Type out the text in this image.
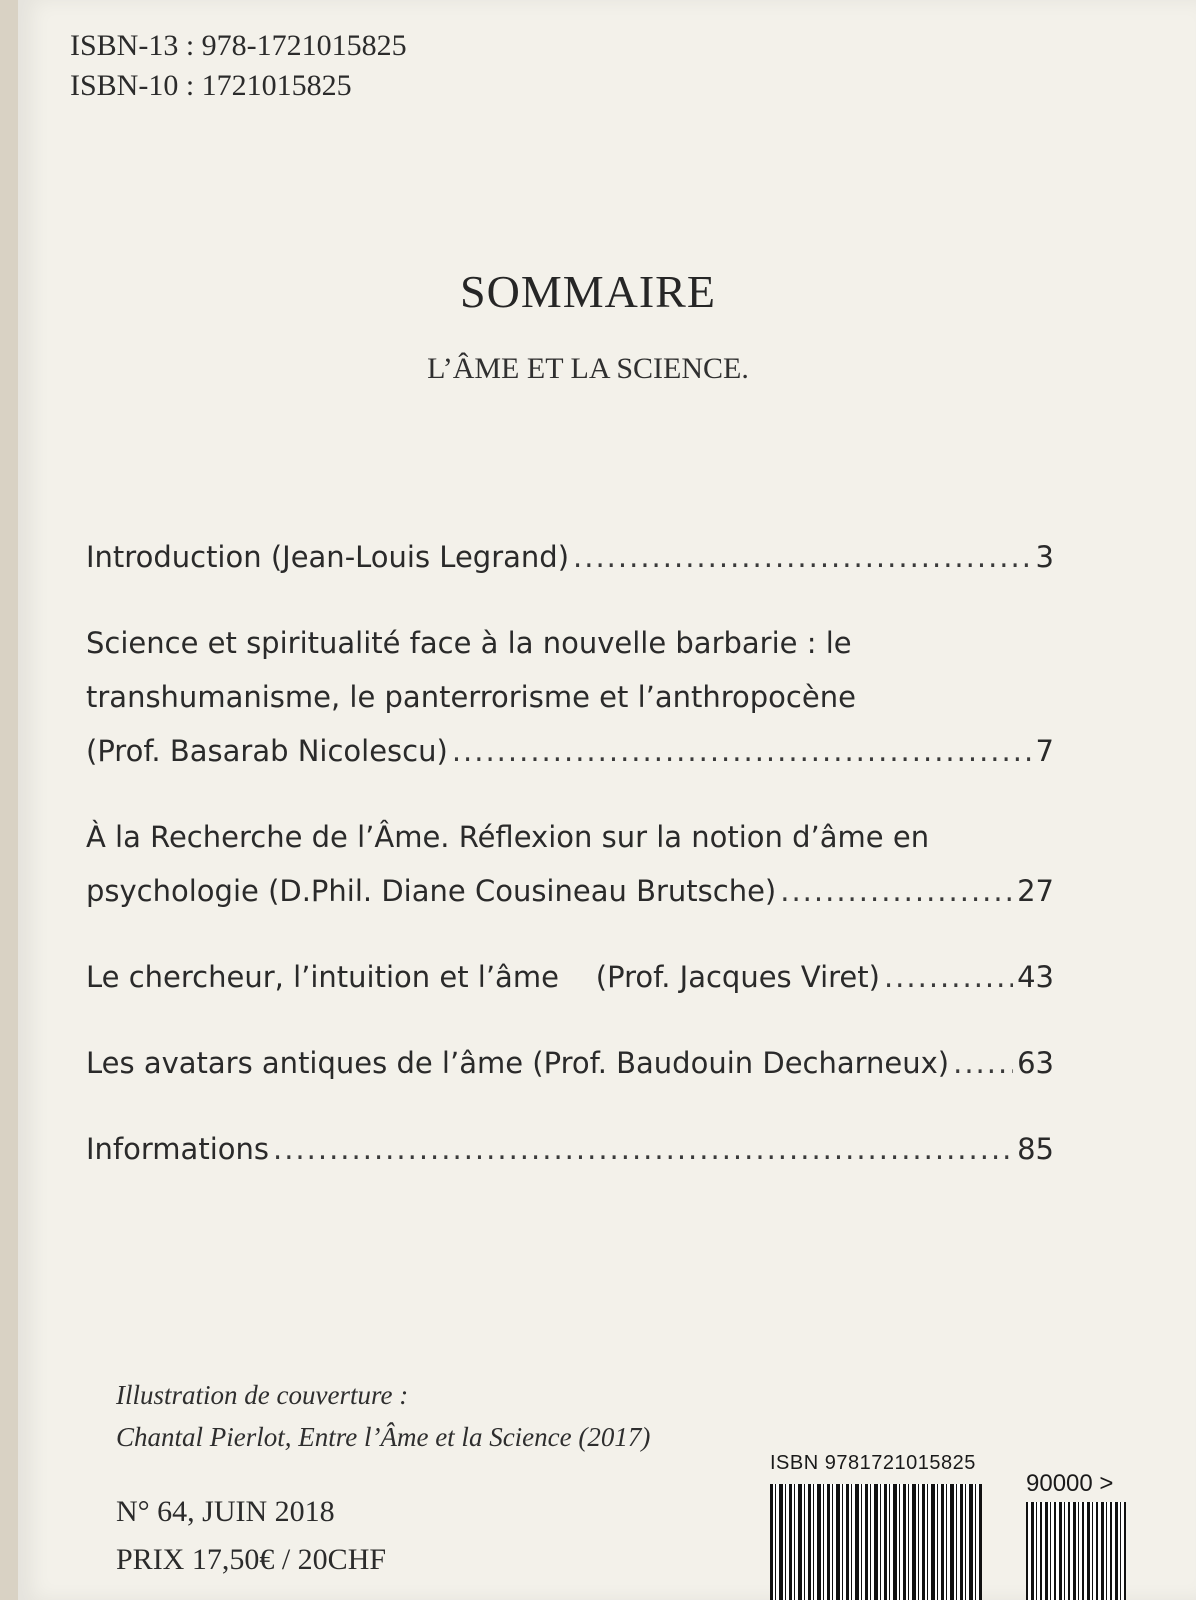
ISBN-13 : 978-1721015825
ISBN-10 : 1721015825
SOMMAIRE
L’ÂME ET LA SCIENCE.
Introduction (Jean-Louis Legrand) .....	3
Science et spiritualité face à la nouvelle barbarie : le
transhumanisme, le panterrorisme et l’anthropocène
(Prof. Basarab Nicolescu) .....	7
À la Recherche de l’Âme. Réflexion sur la notion d’âme en
psychologie (D.Phil. Diane Cousineau Brutsche) .....	27
Le chercheur, l’intuition et l’âme    (Prof. Jacques Viret) .....	43
Les avatars antiques de l’âme (Prof. Baudouin Decharneux) ..... 63
Informations .....	85
Illustration de couverture :
Chantal Pierlot, Entre l’Âme et la Science (2017)
N° 64, JUIN 2018
PRIX 17,50€ / 20CHF
ISBN 9781721015825
90000 >
